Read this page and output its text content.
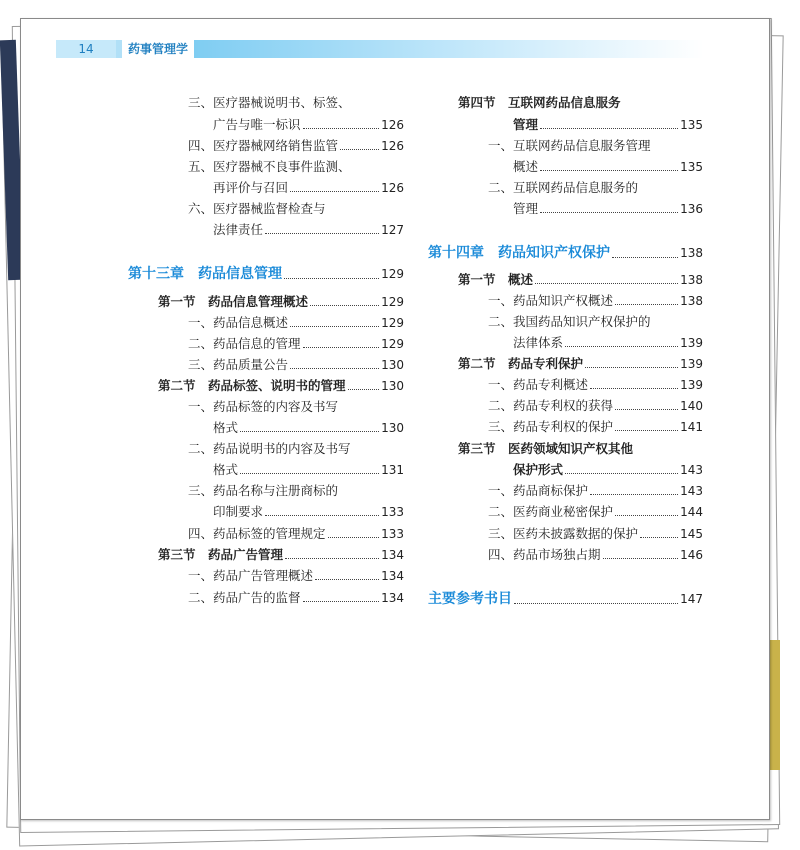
14	药事管理学
三、医疗器械说明书、标签、
广告与唯一标识	126
四、医疗器械网络销售监管	126
五、医疗器械不良事件监测、
再评价与召回	126
六、医疗器械监督检查与
法律责任	127
第十三章　药品信息管理	129
第一节　药品信息管理概述	129
一、药品信息概述	129
二、药品信息的管理	129
三、药品质量公告	130
第二节　药品标签、说明书的管理	130
一、药品标签的内容及书写
格式	130
二、药品说明书的内容及书写
格式	131
三、药品名称与注册商标的
印制要求	133
四、药品标签的管理规定	133
第三节　药品广告管理	134
一、药品广告管理概述	134
二、药品广告的监督	134
第四节　互联网药品信息服务
管理	135
一、互联网药品信息服务管理
概述	135
二、互联网药品信息服务的
管理	136
第十四章　药品知识产权保护	138
第一节　概述	138
一、药品知识产权概述	138
二、我国药品知识产权保护的
法律体系	139
第二节　药品专利保护	139
一、药品专利概述	139
二、药品专利权的获得	140
三、药品专利权的保护	141
第三节　医药领域知识产权其他
保护形式	143
一、药品商标保护	143
二、医药商业秘密保护	144
三、医药未披露数据的保护	145
四、药品市场独占期	146
主要参考书目	147
